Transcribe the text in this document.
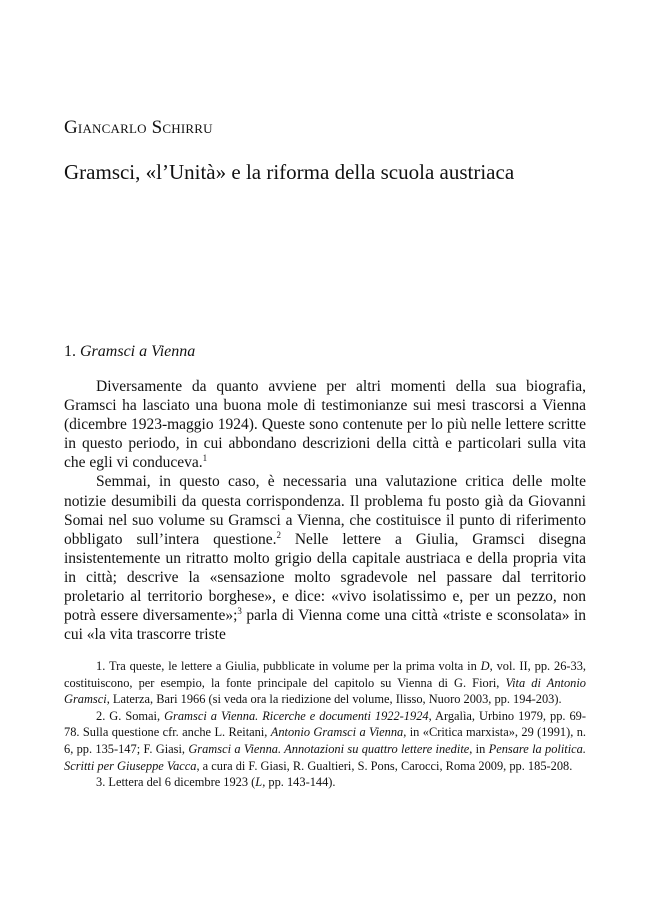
Giancarlo Schirru
Gramsci, «l’Unità» e la riforma della scuola austriaca
1. Gramsci a Vienna

Diversamente da quanto avviene per altri momenti della sua biografia, Gramsci ha lasciato una buona mole di testimonianze sui mesi trascorsi a Vienna (dicembre 1923-maggio 1924). Queste sono contenute per lo più nelle lettere scritte in questo periodo, in cui abbondano descrizioni della città e particolari sulla vita che egli vi conduceva.$^1$

Semmai, in questo caso, è necessaria una valutazione critica delle molte notizie desumibili da questa corrispondenza. Il problema fu posto già da Giovanni Somai nel suo volume su Gramsci a Vienna, che costituisce il punto di riferimento obbligato sull’intera questione.$^2$ Nelle lettere a Giulia, Gramsci disegna insistentemente un ritratto molto grigio della capitale austriaca e della propria vita in città; descrive la «sensazione molto sgradevole nel passare dal territorio proletario al territorio borghese», e dice: «vivo isolatissimo e, per un pezzo, non potrà essere diversamente»;$^3$ parla di Vienna come una città «triste e sconsolata» in cui «la vita trascorre triste

1. Tra queste, le lettere a Giulia, pubblicate in volume per la prima volta in D, vol. II, pp. 26-33, costituiscono, per esempio, la fonte principale del capitolo su Vienna di G. Fiori, Vita di Antonio Gramsci, Laterza, Bari 1966 (si veda ora la riedizione del volume, Ilisso, Nuoro 2003, pp. 194-203).

2. G. Somai, Gramsci a Vienna. Ricerche e documenti 1922-1924, Argalìa, Urbino 1979, pp. 69-78. Sulla questione cfr. anche L. Reitani, Antonio Gramsci a Vienna, in «Critica marxista», 29 (1991), n. 6, pp. 135-147; F. Giasi, Gramsci a Vienna. Annotazioni su quattro lettere inedite, in Pensare la politica. Scritti per Giuseppe Vacca, a cura di F. Giasi, R. Gualtieri, S. Pons, Carocci, Roma 2009, pp. 185-208.

3. Lettera del 6 dicembre 1923 (L, pp. 143-144).
